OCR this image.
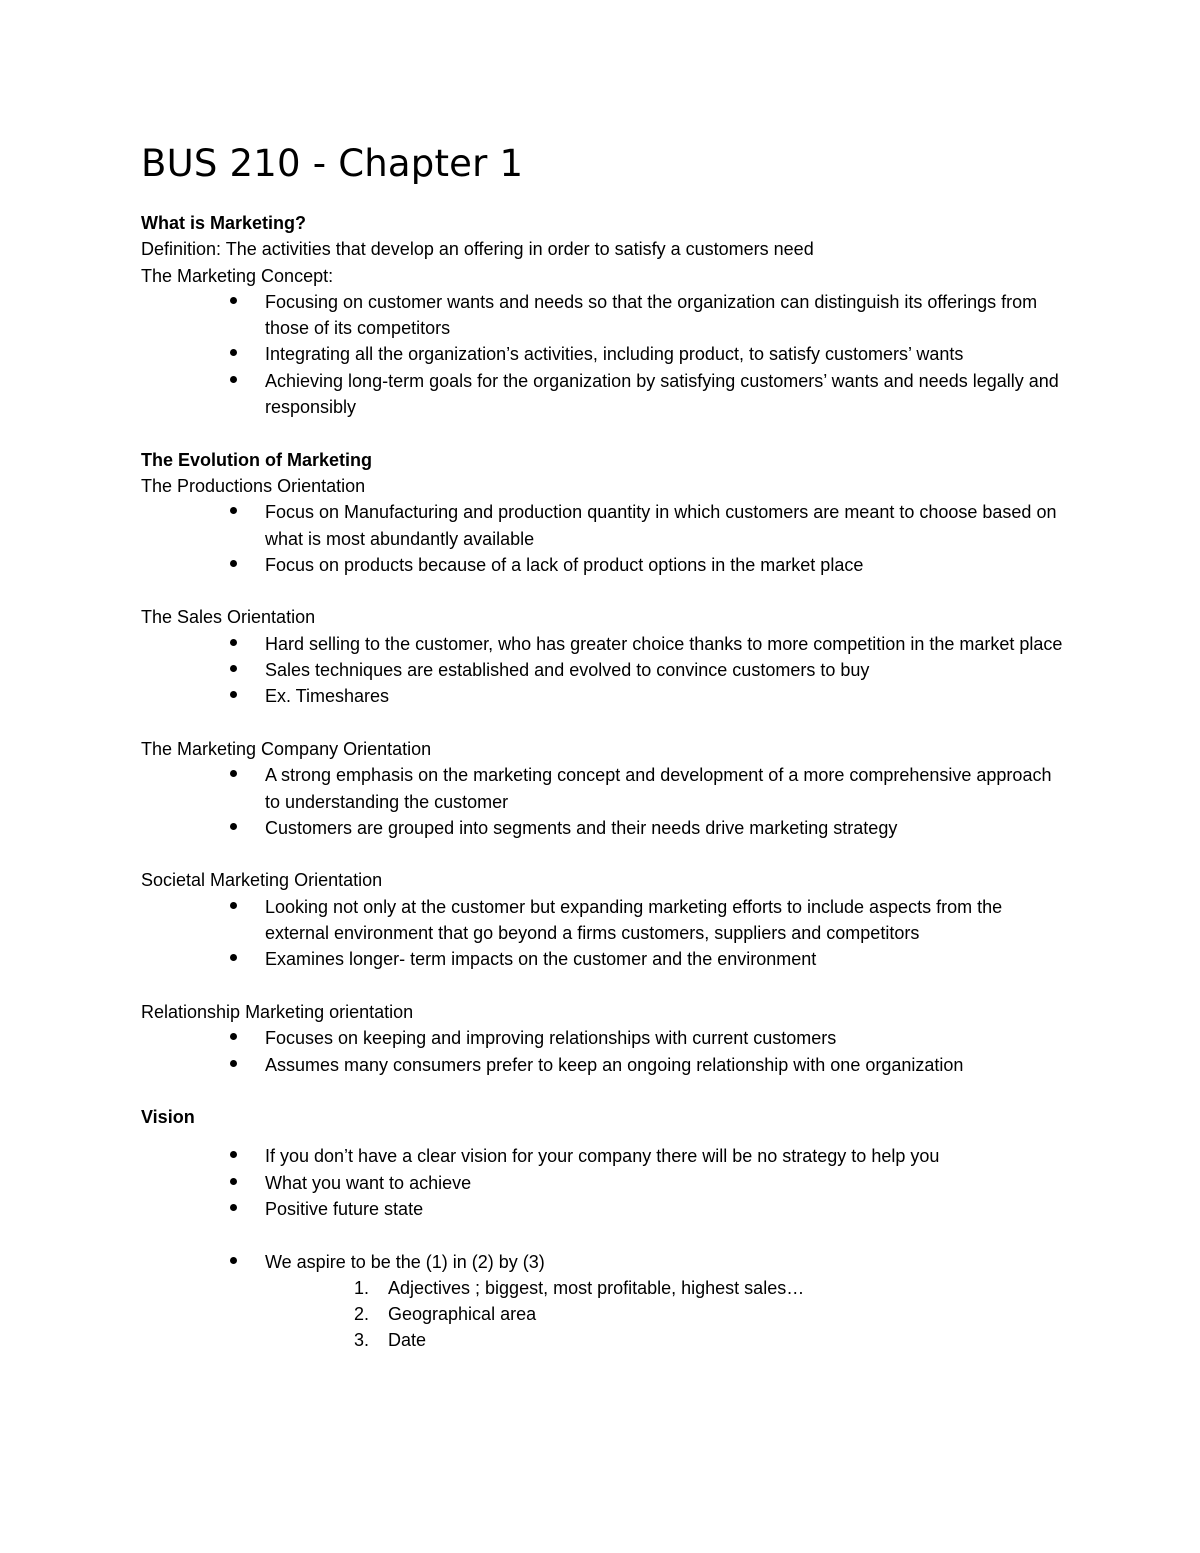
BUS 210 - Chapter 1
What is Marketing?
Definition: The activities that develop an offering in order to satisfy a customers need
The Marketing Concept:
Focusing on customer wants and needs so that the organization can distinguish its offerings from those of its competitors
Integrating all the organization’s activities, including product, to satisfy customers’ wants
Achieving long-term goals for the organization by satisfying customers’ wants and needs legally and responsibly
The Evolution of Marketing
The Productions Orientation
Focus on Manufacturing and production quantity in which customers are meant to choose based on what is most abundantly available
Focus on products because of a lack of product options in the market place
The Sales Orientation
Hard selling to the customer, who has greater choice thanks to more competition in the market place
Sales techniques are established and evolved to convince customers to buy
Ex. Timeshares
The Marketing Company Orientation
A strong emphasis on the marketing concept and development of a more comprehensive approach to understanding the customer
Customers are grouped into segments and their needs drive marketing strategy
Societal Marketing Orientation
Looking not only at the customer but expanding marketing efforts to include aspects from the external environment that go beyond a firms customers, suppliers and competitors
Examines longer- term impacts on the customer and the environment
Relationship Marketing orientation
Focuses on keeping and improving relationships with current customers
Assumes many consumers prefer to keep an ongoing relationship with one organization
Vision
If you don’t have a clear vision for your company there will be no strategy to help you
What you want to achieve
Positive future state
We aspire to be the (1) in (2) by (3)
1. Adjectives ; biggest, most profitable, highest sales…
2. Geographical area
3. Date
